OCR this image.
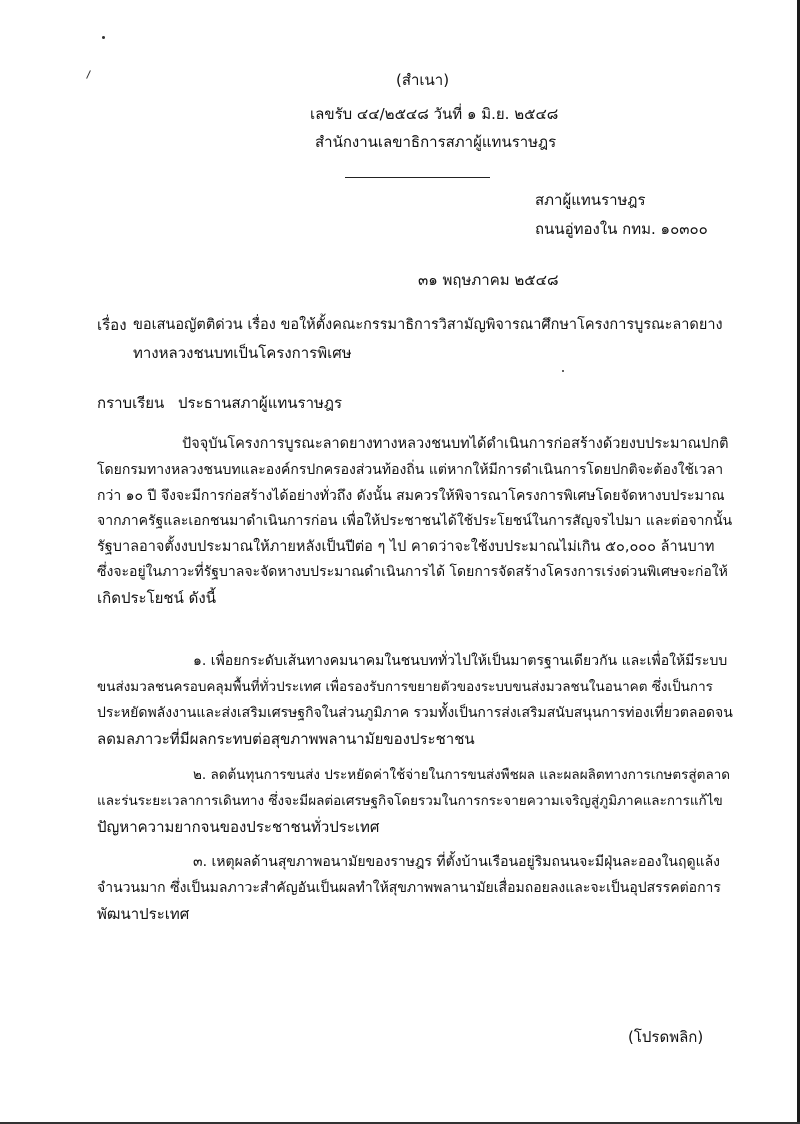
(สำเนา)
เลขรับ ๔๔/๒๕๔๘ วันที่ ๑ มิ.ย. ๒๕๔๘
สำนักงานเลขาธิการสภาผู้แทนราษฎร
สภาผู้แทนราษฎร
ถนนอู่ทองใน กทม. ๑๐๓๐๐
๓๑ พฤษภาคม ๒๕๔๘
เรื่อง ขอเสนอญัตติด่วน เรื่อง ขอให้ตั้งคณะกรรมาธิการวิสามัญพิจารณาศึกษาโครงการบูรณะลาดยาง
ทางหลวงชนบทเป็นโครงการพิเศษ
กราบเรียน ประธานสภาผู้แทนราษฎร
ปัจจุบันโครงการบูรณะลาดยางทางหลวงชนบทได้ดำเนินการก่อสร้างด้วยงบประมาณปกติ
โดยกรมทางหลวงชนบทและองค์กรปกครองส่วนท้องถิ่น แต่หากให้มีการดำเนินการโดยปกติจะต้องใช้เวลา
กว่า ๑๐ ปี จึงจะมีการก่อสร้างได้อย่างทั่วถึง ดังนั้น สมควรให้พิจารณาโครงการพิเศษโดยจัดหางบประมาณ
จากภาครัฐและเอกชนมาดำเนินการก่อน เพื่อให้ประชาชนได้ใช้ประโยชน์ในการสัญจรไปมา และต่อจากนั้น
รัฐบาลอาจตั้งงบประมาณให้ภายหลังเป็นปีต่อ ๆ ไป คาดว่าจะใช้งบประมาณไม่เกิน ๕๐,๐๐๐ ล้านบาท
ซึ่งจะอยู่ในภาวะที่รัฐบาลจะจัดหางบประมาณดำเนินการได้ โดยการจัดสร้างโครงการเร่งด่วนพิเศษจะก่อให้
เกิดประโยชน์ ดังนี้
๑. เพื่อยกระดับเส้นทางคมนาคมในชนบททั่วไปให้เป็นมาตรฐานเดียวกัน และเพื่อให้มีระบบ
ขนส่งมวลชนครอบคลุมพื้นที่ทั่วประเทศ เพื่อรองรับการขยายตัวของระบบขนส่งมวลชนในอนาคต ซึ่งเป็นการ
ประหยัดพลังงานและส่งเสริมเศรษฐกิจในส่วนภูมิภาค รวมทั้งเป็นการส่งเสริมสนับสนุนการท่องเที่ยวตลอดจน
ลดมลภาวะที่มีผลกระทบต่อสุขภาพพลานามัยของประชาชน
๒. ลดต้นทุนการขนส่ง ประหยัดค่าใช้จ่ายในการขนส่งพืชผล และผลผลิตทางการเกษตรสู่ตลาด
และร่นระยะเวลาการเดินทาง ซึ่งจะมีผลต่อเศรษฐกิจโดยรวมในการกระจายความเจริญสู่ภูมิภาคและการแก้ไข
ปัญหาความยากจนของประชาชนทั่วประเทศ
๓. เหตุผลด้านสุขภาพอนามัยของราษฎร ที่ตั้งบ้านเรือนอยู่ริมถนนจะมีฝุ่นละอองในฤดูแล้ง
จำนวนมาก ซึ่งเป็นมลภาวะสำคัญอันเป็นผลทำให้สุขภาพพลานามัยเสื่อมถอยลงและจะเป็นอุปสรรคต่อการ
พัฒนาประเทศ
(โปรดพลิก)
